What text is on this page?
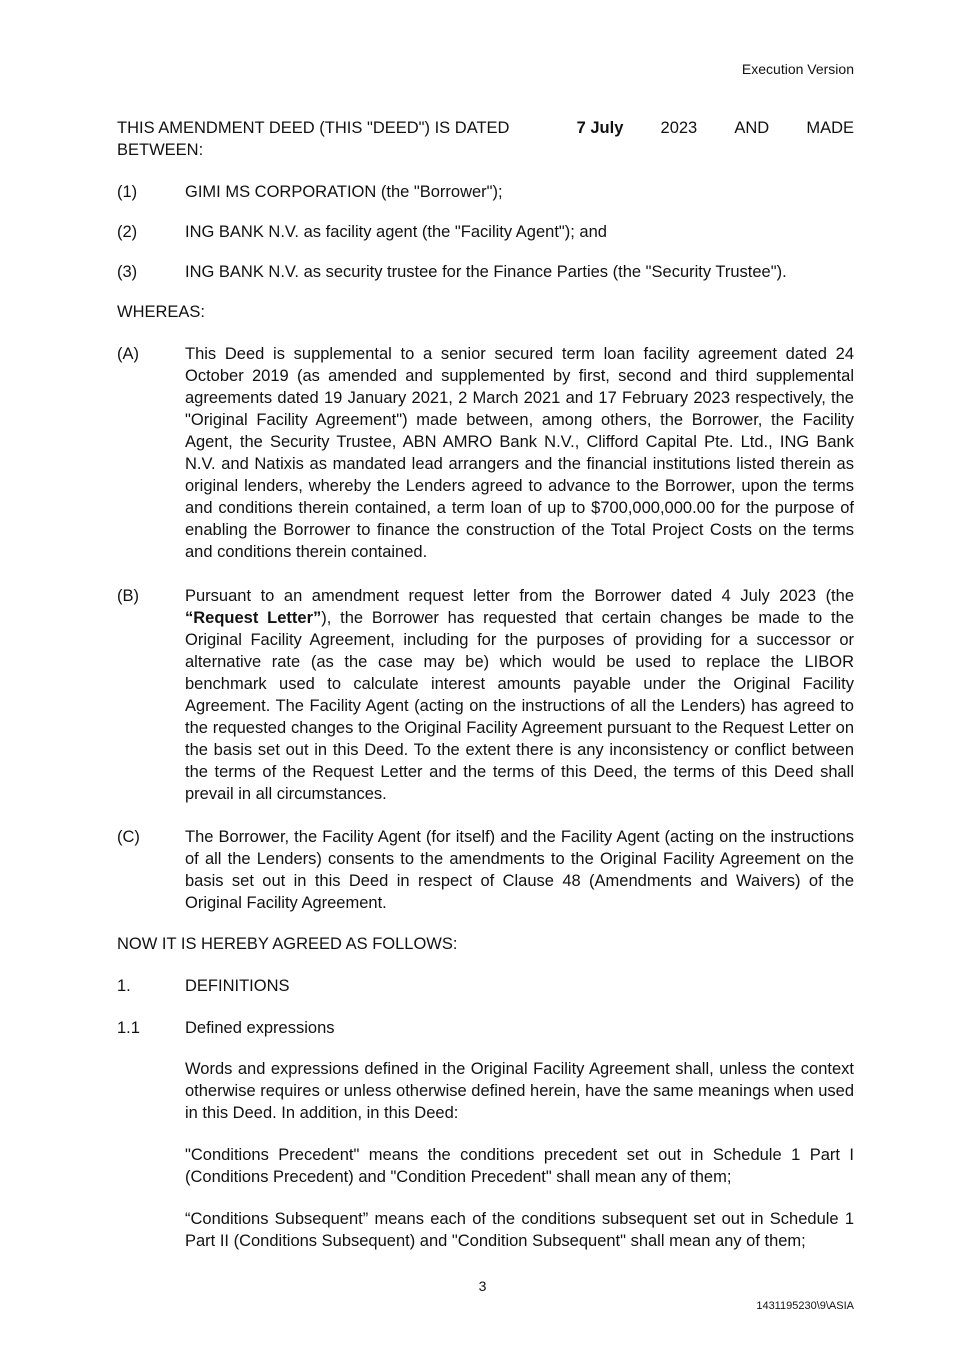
Execution Version
THIS AMENDMENT DEED (THIS "DEED") IS DATED	7 July 2023 AND MADE
BETWEEN:
(1)	GIMI MS CORPORATION (the "Borrower");
(2)	ING BANK N.V. as facility agent (the "Facility Agent"); and
(3)	ING BANK N.V. as security trustee for the Finance Parties (the "Security Trustee").
WHEREAS:
(A)	This Deed is supplemental to a senior secured term loan facility agreement dated 24 October 2019 (as amended and supplemented by first, second and third supplemental agreements dated 19 January 2021, 2 March 2021 and 17 February 2023 respectively, the "Original Facility Agreement") made between, among others, the Borrower, the Facility Agent, the Security Trustee, ABN AMRO Bank N.V., Clifford Capital Pte. Ltd., ING Bank N.V. and Natixis as mandated lead arrangers and the financial institutions listed therein as original lenders, whereby the Lenders agreed to advance to the Borrower, upon the terms and conditions therein contained, a term loan of up to $700,000,000.00 for the purpose of enabling the Borrower to finance the construction of the Total Project Costs on the terms and conditions therein contained.
(B)	Pursuant to an amendment request letter from the Borrower dated 4 July 2023 (the “Request Letter”), the Borrower has requested that certain changes be made to the Original Facility Agreement, including for the purposes of providing for a successor or alternative rate (as the case may be) which would be used to replace the LIBOR benchmark used to calculate interest amounts payable under the Original Facility Agreement. The Facility Agent (acting on the instructions of all the Lenders) has agreed to the requested changes to the Original Facility Agreement pursuant to the Request Letter on the basis set out in this Deed. To the extent there is any inconsistency or conflict between the terms of the Request Letter and the terms of this Deed, the terms of this Deed shall prevail in all circumstances.
(C)	The Borrower, the Facility Agent (for itself) and the Facility Agent (acting on the instructions of all the Lenders) consents to the amendments to the Original Facility Agreement on the basis set out in this Deed in respect of Clause 48 (Amendments and Waivers) of the Original Facility Agreement.
NOW IT IS HEREBY AGREED AS FOLLOWS:
1.	DEFINITIONS
1.1	Defined expressions
Words and expressions defined in the Original Facility Agreement shall, unless the context otherwise requires or unless otherwise defined herein, have the same meanings when used in this Deed. In addition, in this Deed:
"Conditions Precedent" means the conditions precedent set out in Schedule 1 Part I (Conditions Precedent) and "Condition Precedent" shall mean any of them;
“Conditions Subsequent” means each of the conditions subsequent set out in Schedule 1 Part II (Conditions Subsequent) and "Condition Subsequent" shall mean any of them;
3
1431195230\9\ASIA
